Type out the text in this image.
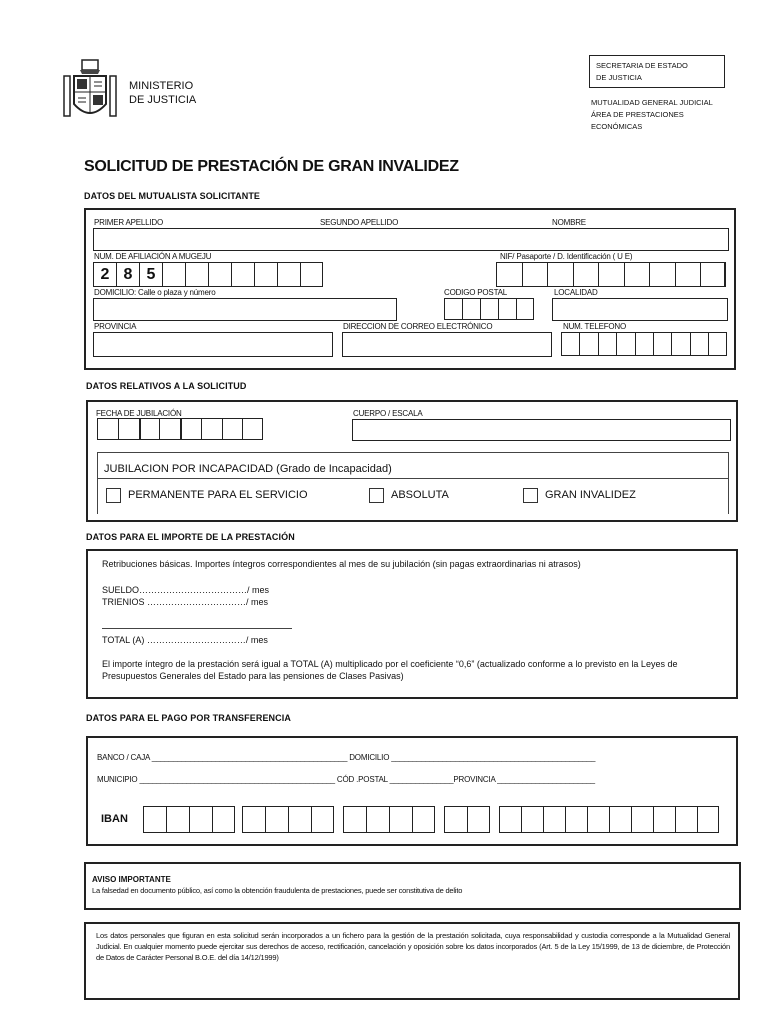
MINISTERIO
DE JUSTICIA
SECRETARIA DE ESTADO
DE JUSTICIA
MUTUALIDAD GENERAL JUDICIAL
ÁREA DE PRESTACIONES
ECONÓMICAS
SOLICITUD DE PRESTACIÓN DE GRAN INVALIDEZ
DATOS DEL MUTUALISTA SOLICITANTE
PRIMER APELLIDO	SEGUNDO APELLIDO	NOMBRE
NUM. DE AFILIACIÓN A MUGEJU	NIF/ Pasaporte / D. Identificación ( U E)
2 8 5
DOMICILIO: Calle o plaza y número	CODIGO POSTAL	LOCALIDAD
PROVINCIA	DIRECCION DE CORREO ELECTRÓNICO	NUM. TELEFONO
DATOS RELATIVOS A LA SOLICITUD
FECHA DE JUBILACIÓN	CUERPO / ESCALA
JUBILACION POR INCAPACIDAD (Grado de Incapacidad)
PERMANENTE PARA EL SERVICIO	ABSOLUTA	GRAN INVALIDEZ
DATOS PARA EL IMPORTE DE LA PRESTACIÓN
Retribuciones básicas. Importes íntegros correspondientes al mes de su jubilación (sin pagas extraordinarias ni atrasos)
SUELDO………………………………/ mes
TRIENIOS ……………………………/ mes
TOTAL (A) ……………………………/ mes
El importe íntegro de la prestación será igual a TOTAL (A) multiplicado por el coeficiente “0,6” (actualizado conforme a lo previsto en la Leyes de Presupuestos Generales del Estado para las pensiones de Clases Pasivas)
DATOS PARA EL PAGO POR TRANSFERENCIA
BANCO / CAJA ______________________________________________ DOMICILIO ________________________________________________
MUNICIPIO ______________________________________________ CÓD .POSTAL _______________PROVINCIA _______________________
IBAN
AVISO IMPORTANTE
La falsedad en documento público, así como la obtención fraudulenta de prestaciones, puede ser constitutiva de delito
Los datos personales que figuran en esta solicitud serán incorporados a un fichero para la gestión de la prestación solicitada, cuya responsabilidad y custodia corresponde a la Mutualidad General Judicial. En cualquier momento puede ejercitar sus derechos de acceso, rectificación, cancelación y oposición sobre los datos incorporados (Art. 5 de la Ley 15/1999, de 13 de diciembre, de Protección de Datos de Carácter Personal B.O.E. del día 14/12/1999)
